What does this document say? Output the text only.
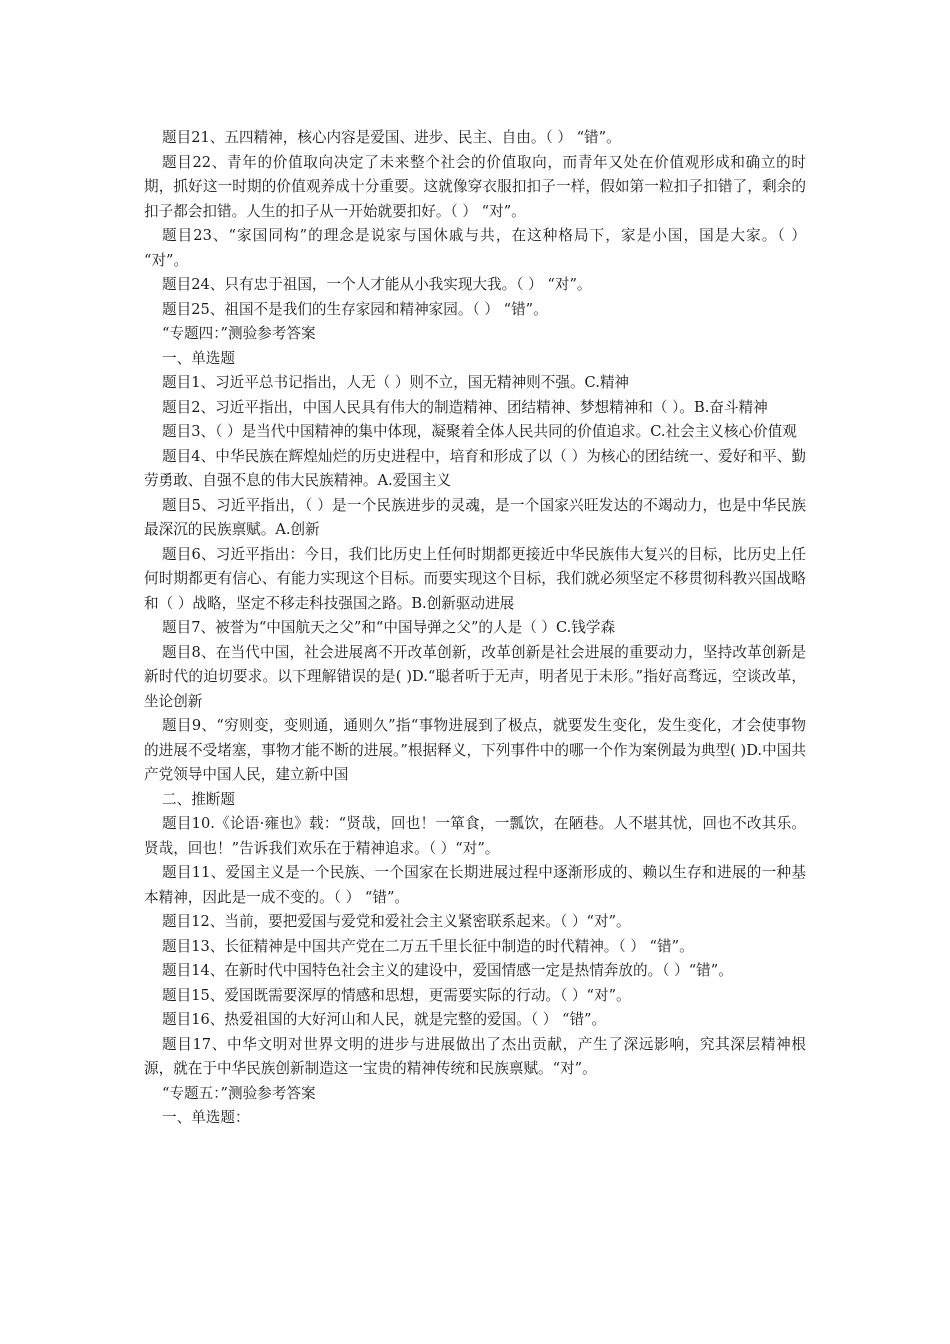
题目21、五四精神，核心内容是爱国、进步、民主、自由。（ ） “错”。

题目22、青年的价值取向决定了未来整个社会的价值取向，而青年又处在价值观形成和确立的时期，抓好这一时期的价值观养成十分重要。这就像穿衣服扣扣子一样，假如第一粒扣子扣错了，剩余的扣子都会扣错。人生的扣子从一开始就要扣好。（ ） “对”。

题目23、“家国同构”的理念是说家与国休戚与共，在这种格局下，家是小国，国是大家。（ ） “对”。

题目24、只有忠于祖国，一个人才能从小我实现大我。（ ） “对”。

题目25、祖国不是我们的生存家园和精神家园。（ ） “错”。

“专题四：”测验参考答案

一、单选题

题目1、习近平总书记指出，人无（ ）则不立，国无精神则不强。C.精神

题目2、习近平指出，中国人民具有伟大的制造精神、团结精神、梦想精神和（ ）。B.奋斗精神

题目3、（ ）是当代中国精神的集中体现，凝聚着全体人民共同的价值追求。C.社会主义核心价值观

题目4、中华民族在辉煌灿烂的历史进程中，培育和形成了以（ ）为核心的团结统一、爱好和平、勤劳勇敢、自强不息的伟大民族精神。A.爱国主义

题目5、习近平指出，（ ）是一个民族进步的灵魂，是一个国家兴旺发达的不竭动力，也是中华民族最深沉的民族禀赋。A.创新

题目6、习近平指出：今日，我们比历史上任何时期都更接近中华民族伟大复兴的目标，比历史上任何时期都更有信心、有能力实现这个目标。而要实现这个目标，我们就必须坚定不移贯彻科教兴国战略和（ ）战略，坚定不移走科技强国之路。B.创新驱动进展

题目7、被誉为“中国航天之父”和“中国导弹之父”的人是（ ）C.钱学森

题目8、在当代中国，社会进展离不开改革创新，改革创新是社会进展的重要动力，坚持改革创新是新时代的迫切要求。以下理解错误的是( )D.“聪者听于无声，明者见于未形。”指好高骛远，空谈改革，坐论创新

题目9、“穷则变，变则通，通则久”指“事物进展到了极点，就要发生变化，发生变化，才会使事物的进展不受堵塞，事物才能不断的进展。”根据释义，下列事件中的哪一个作为案例最为典型( )D.中国共产党领导中国人民，建立新中国

二、推断题

题目10.《论语·雍也》载：“贤哉，回也！一箪食，一瓢饮，在陋巷。人不堪其忧，回也不改其乐。贤哉，回也！”告诉我们欢乐在于精神追求。（ ）“对”。

题目11、爱国主义是一个民族、一个国家在长期进展过程中逐渐形成的、赖以生存和进展的一种基本精神，因此是一成不变的。（ ） “错”。

题目12、当前，要把爱国与爱党和爱社会主义紧密联系起来。（ ）“对”。

题目13、长征精神是中国共产党在二万五千里长征中制造的时代精神。（ ） “错”。

题目14、在新时代中国特色社会主义的建设中，爱国情感一定是热情奔放的。（ ）“错”。

题目15、爱国既需要深厚的情感和思想，更需要实际的行动。（ ）“对”。

题目16、热爱祖国的大好河山和人民，就是完整的爱国。（ ） “错”。

题目17、中华文明对世界文明的进步与进展做出了杰出贡献，产生了深远影响，究其深层精神根源，就在于中华民族创新制造这一宝贵的精神传统和民族禀赋。“对”。

“专题五：”测验参考答案

一、单选题：
